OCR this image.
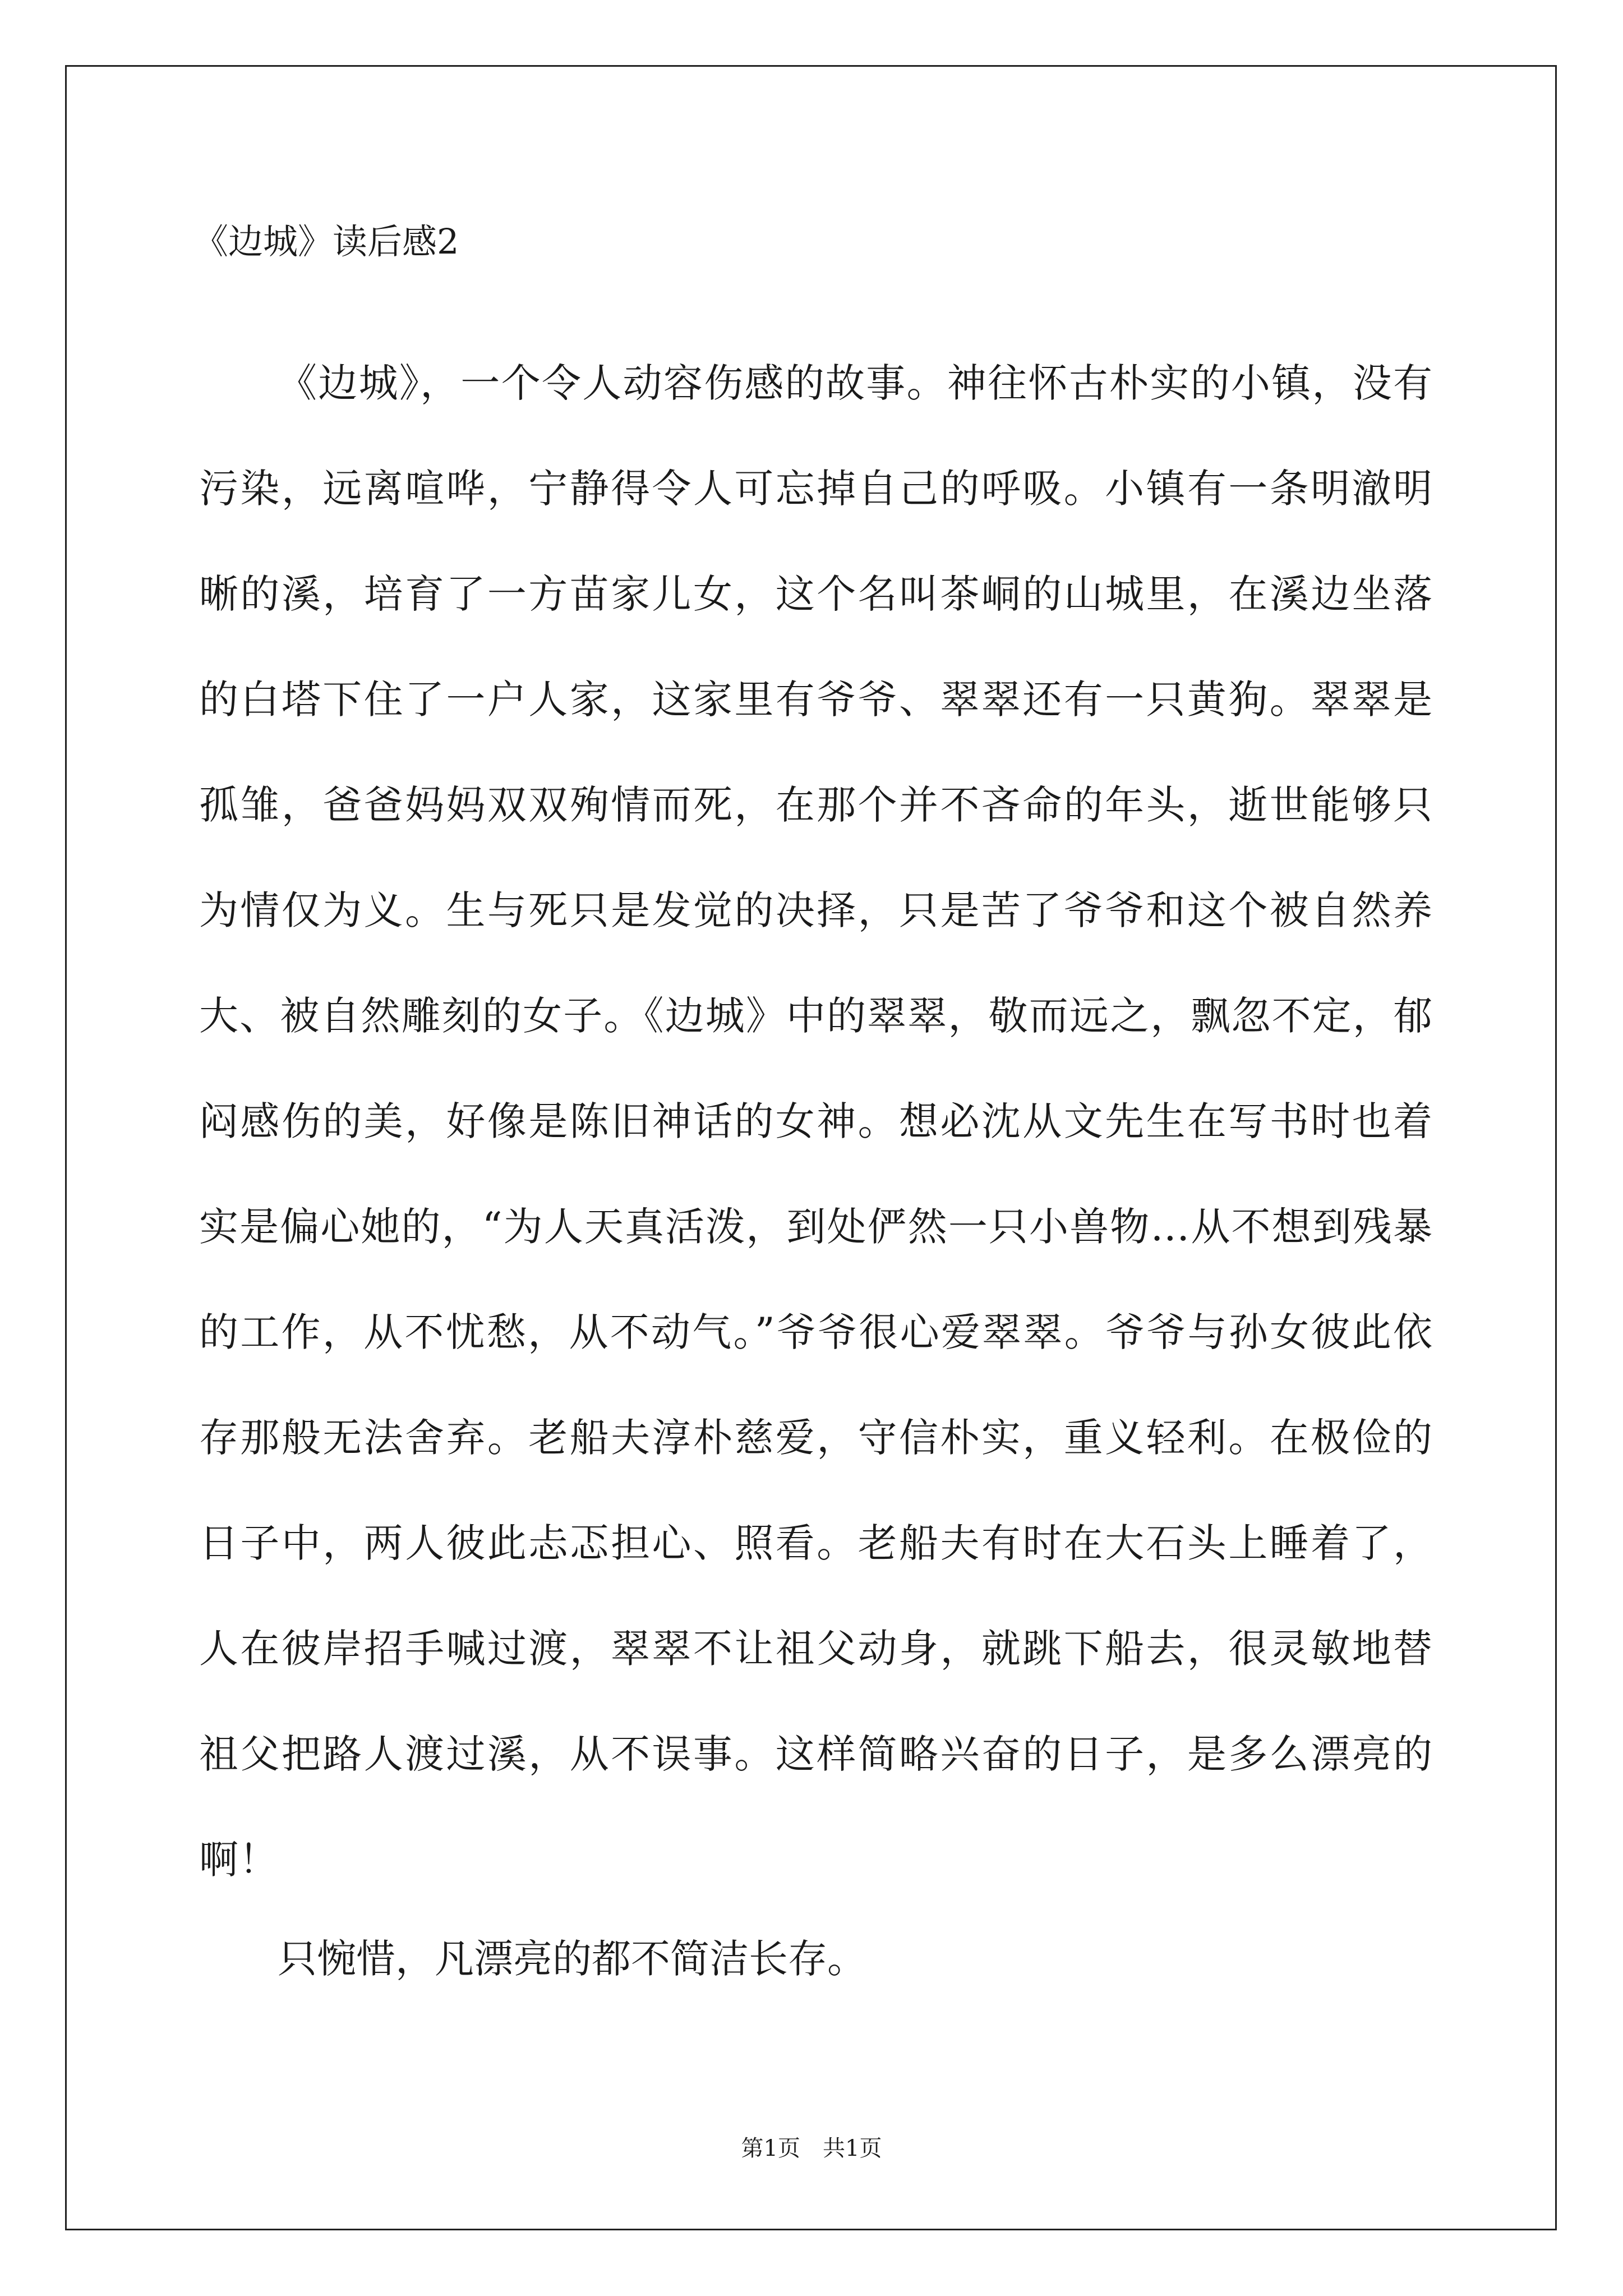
《边城》读后感2

《边城》，一个令人动容伤感的故事。神往怀古朴实的小镇，没有污染，远离喧哗，宁静得令人可忘掉自己的呼吸。小镇有一条明澈明晰的溪，培育了一方苗家儿女，这个名叫茶峒的山城里，在溪边坐落的白塔下住了一户人家，这家里有爷爷、翠翠还有一只黄狗。翠翠是孤雏，爸爸妈妈双双殉情而死，在那个并不吝命的年头，逝世能够只为情仅为义。生与死只是发觉的决择，只是苦了爷爷和这个被自然养大、被自然雕刻的女子。《边城》中的翠翠，敬而远之，飘忽不定，郁闷感伤的美，好像是陈旧神话的女神。想必沈从文先生在写书时也着实是偏心她的，“为人天真活泼，到处俨然一只小兽物…从不想到残暴的工作，从不忧愁，从不动气。”爷爷很心爱翠翠。爷爷与孙女彼此依存那般无法舍弃。老船夫淳朴慈爱，守信朴实，重义轻利。在极俭的日子中，两人彼此忐忑担心、照看。老船夫有时在大石头上睡着了，人在彼岸招手喊过渡，翠翠不让祖父动身，就跳下船去，很灵敏地替祖父把路人渡过溪，从不误事。这样简略兴奋的日子，是多么漂亮的啊！

只惋惜，凡漂亮的都不简洁长存。

第1页 共1页
